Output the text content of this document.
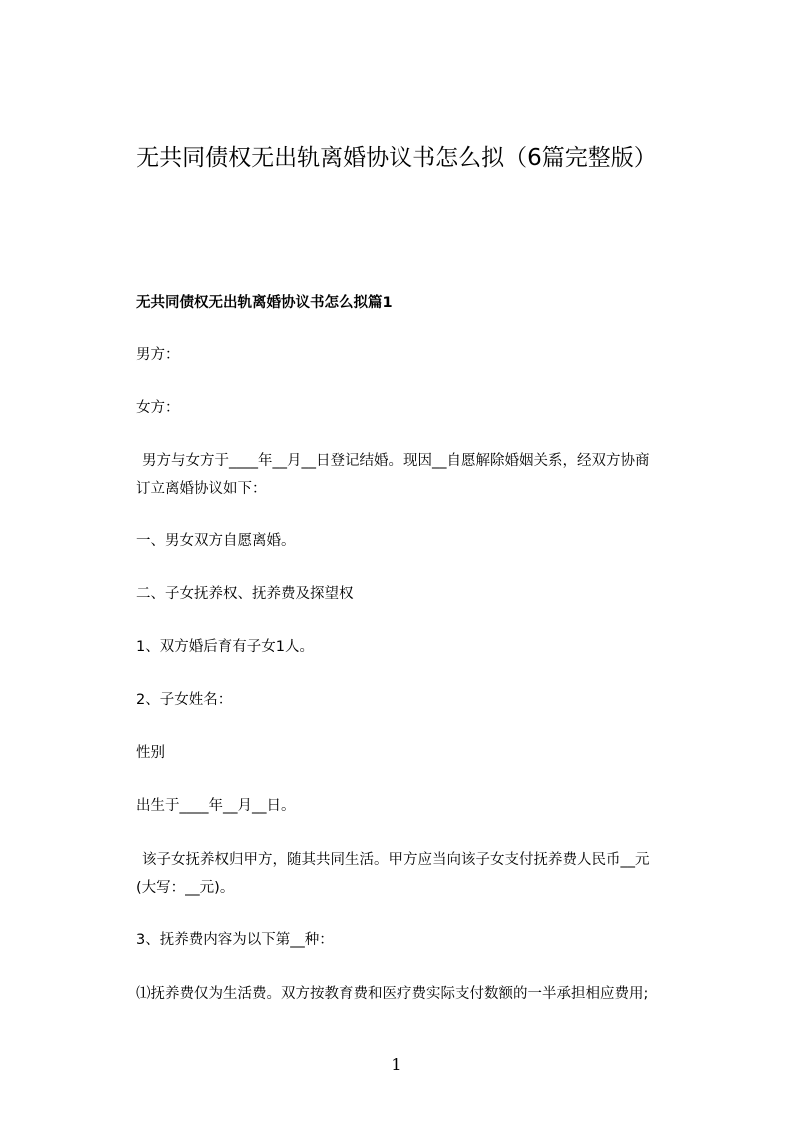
无共同债权无出轨离婚协议书怎么拟（6篇完整版）
无共同债权无出轨离婚协议书怎么拟篇1
男方：
女方：
男方与女方于____年__月__日登记结婚。现因__自愿解除婚姻关系，经双方协商
订立离婚协议如下：
一、男女双方自愿离婚。
二、子女抚养权、抚养费及探望权
1、双方婚后育有子女1人。
2、子女姓名：
性别
出生于____年__月__日。
该子女抚养权归甲方，随其共同生活。甲方应当向该子女支付抚养费人民币__元
(大写：__元)。
3、抚养费内容为以下第__种：
⑴抚养费仅为生活费。双方按教育费和医疗费实际支付数额的一半承担相应费用;
1
